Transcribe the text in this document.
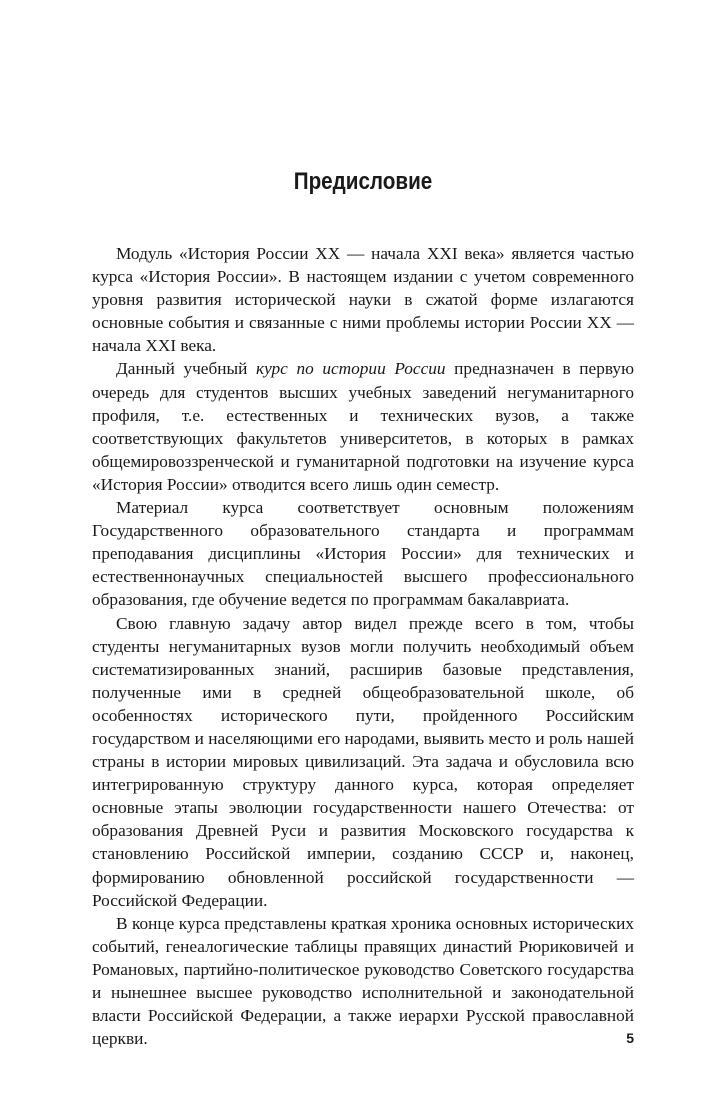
Предисловие

Модуль «История России XX — начала XXI века» является частью курса «История России». В настоящем издании с учетом современного уровня развития исторической науки в сжатой форме излагаются основные события и связанные с ними проблемы истории России XX — начала XXI века.

Данный учебный курс по истории России предназначен в первую очередь для студентов высших учебных заведений негуманитарного профиля, т.е. естественных и технических вузов, а также соответствующих факультетов университетов, в которых в рамках общемировоззренческой и гуманитарной подготовки на изучение курса «История России» отводится всего лишь один семестр.

Материал курса соответствует основным положениям Государственного образовательного стандарта и программам преподавания дисциплины «История России» для технических и естественнонаучных специальностей высшего профессионального образования, где обучение ведется по программам бакалавриата.

Свою главную задачу автор видел прежде всего в том, чтобы студенты негуманитарных вузов могли получить необходимый объем систематизированных знаний, расширив базовые представления, полученные ими в средней общеобразовательной школе, об особенностях исторического пути, пройденного Российским государством и населяющими его народами, выявить место и роль нашей страны в истории мировых цивилизаций. Эта задача и обусловила всю интегрированную структуру данного курса, которая определяет основные этапы эволюции государственности нашего Отечества: от образования Древней Руси и развития Московского государства к становлению Российской империи, созданию СССР и, наконец, формированию обновленной российской государственности — Российской Федерации.

В конце курса представлены краткая хроника основных исторических событий, генеалогические таблицы правящих династий Рюриковичей и Романовых, партийно-политическое руководство Советского государства и нынешнее высшее руководство исполнительной и законодательной власти Российской Федерации, а также иерархи Русской православной церкви.	5
